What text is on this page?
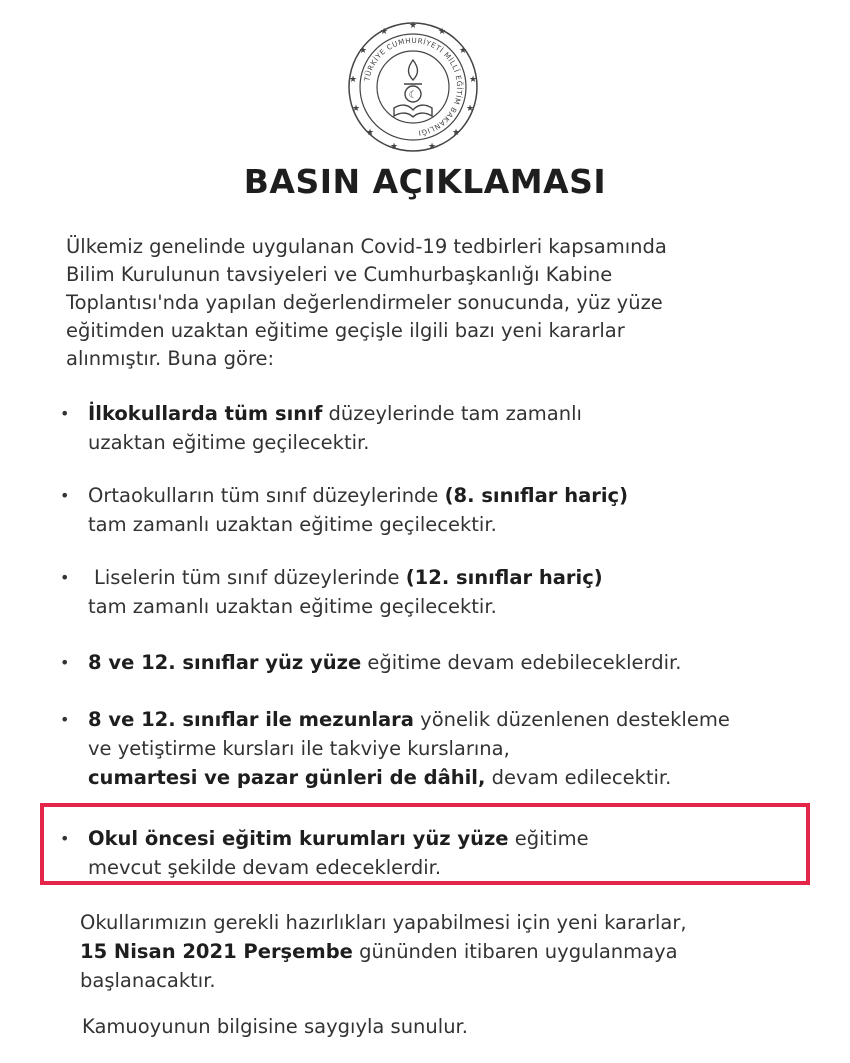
★
★
★
★
★
★
★
★
★
★
★
★
★
TÜRKİYE CUMHURİYETİ MİLLÎ EĞİTİM BAKANLIĞI
☾
BASIN AÇIKLAMASI
Ülkemiz genelinde uygulanan Covid-19 tedbirleri kapsamında
Bilim Kurulunun tavsiyeleri ve Cumhurbaşkanlığı Kabine
Toplantısı'nda yapılan değerlendirmeler sonucunda, yüz yüze
eğitimden uzaktan eğitime geçişle ilgili bazı yeni kararlar
alınmıştır. Buna göre:
• İlkokullarda tüm sınıf düzeylerinde tam zamanlı
uzaktan eğitime geçilecektir.
• Ortaokulların tüm sınıf düzeylerinde (8. sınıflar hariç)
tam zamanlı uzaktan eğitime geçilecektir.
•	Liselerin tüm sınıf düzeylerinde (12. sınıflar hariç)
tam zamanlı uzaktan eğitime geçilecektir.
• 8 ve 12. sınıflar yüz yüze eğitime devam edebileceklerdir.
• 8 ve 12. sınıflar ile mezunlara yönelik düzenlenen destekleme
ve yetiştirme kursları ile takviye kurslarına,
cumartesi ve pazar günleri de dâhil, devam edilecektir.
• Okul öncesi eğitim kurumları yüz yüze eğitime
mevcut şekilde devam edeceklerdir.
Okullarımızın gerekli hazırlıkları yapabilmesi için yeni kararlar,
15 Nisan 2021 Perşembe gününden itibaren uygulanmaya
başlanacaktır.
Kamuoyunun bilgisine saygıyla sunulur.
